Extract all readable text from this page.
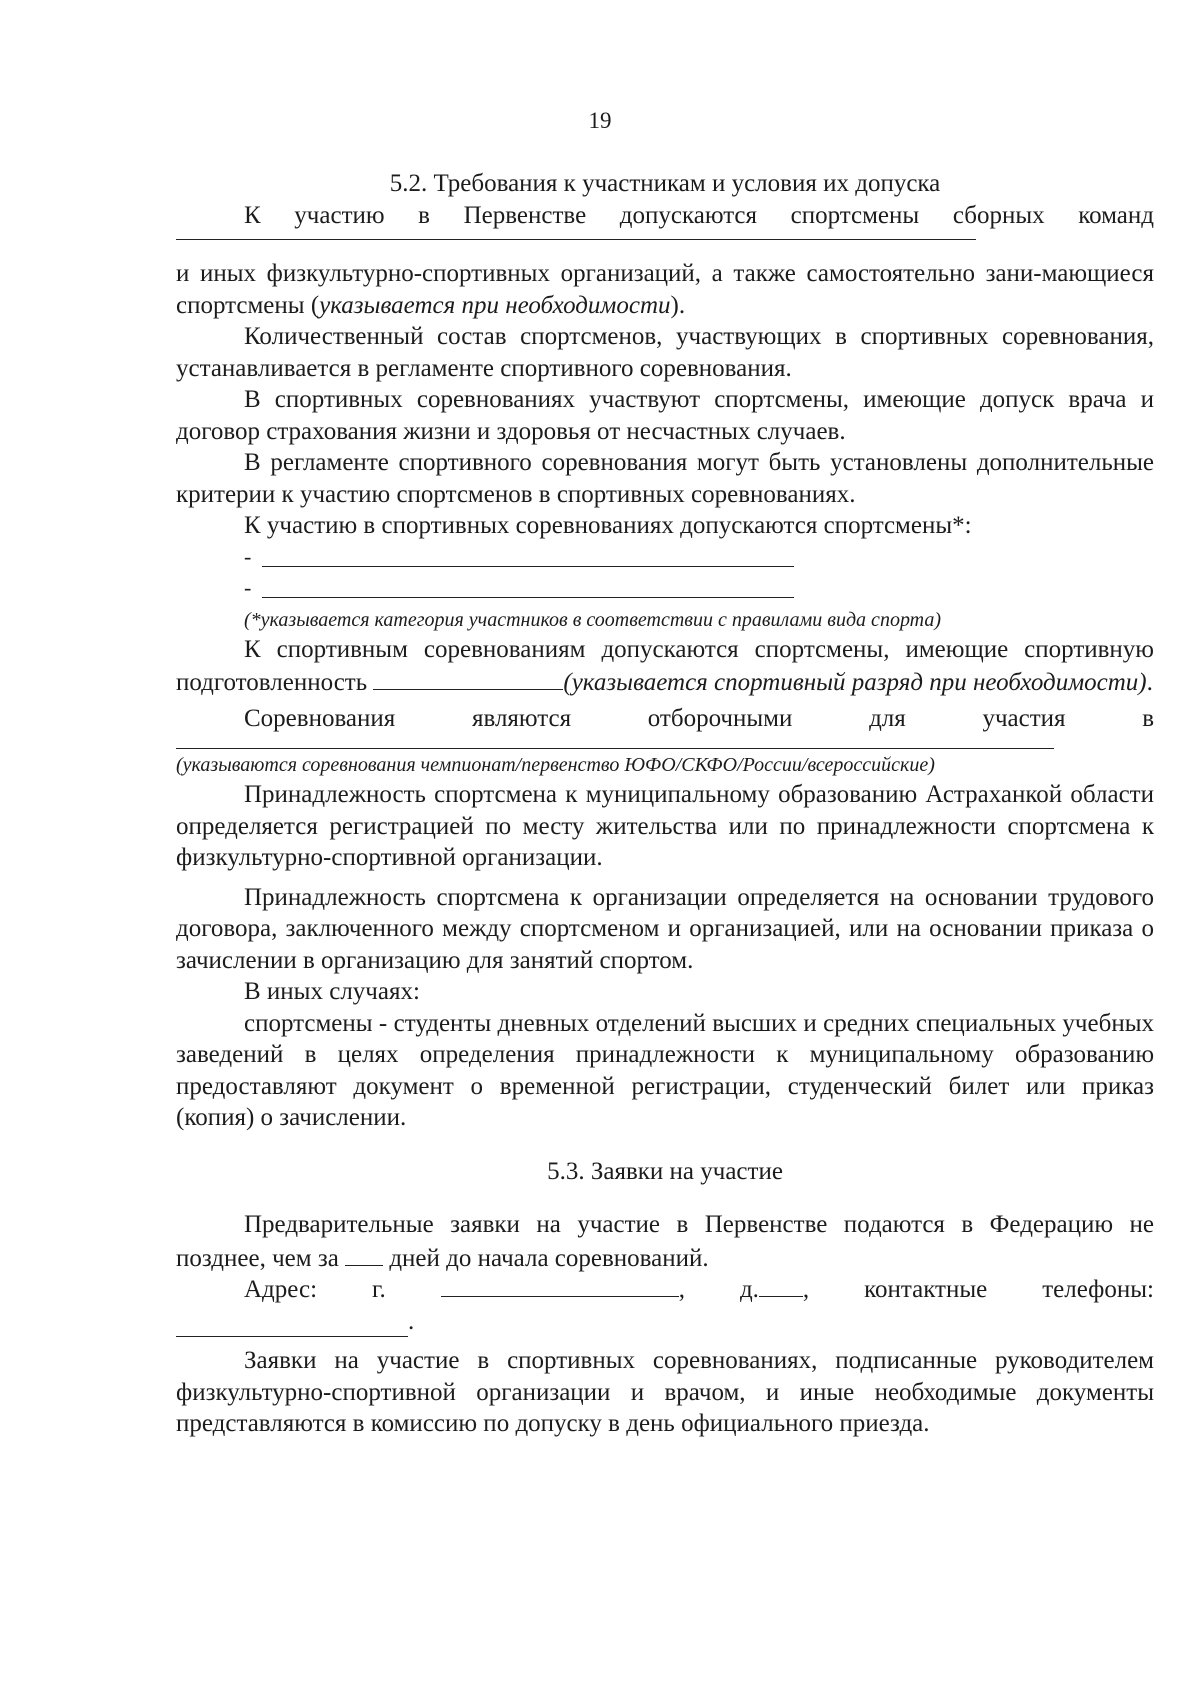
19
5.2. Требования к участникам и условия их допуска

К участию в Первенстве допускаются спортсмены сборных команд

и иных физкультурно-спортивных организаций, а также самостоятельно зани-мающиеся спортсмены (указывается при необходимости).

Количественный состав спортсменов, участвующих в спортивных соревнования, устанавливается в регламенте спортивного соревнования.

В спортивных соревнованиях участвуют спортсмены, имеющие допуск врача и договор страхования жизни и здоровья от несчастных случаев.

В регламенте спортивного соревнования могут быть установлены дополнительные критерии к участию спортсменов в спортивных соревнованиях.

К участию в спортивных соревнованиях допускаются спортсмены*:

-
-

(*указывается категория участников в соответствии с правилами вида спорта)

К спортивным соревнованиям допускаются спортсмены, имеющие спортивную подготовленность	(указывается спортивный разряд при необходимости).

Соревнования	являются	отборочными	для	участия	в

(указываются соревнования чемпионат/первенство ЮФО/СКФО/России/всероссийские)

Принадлежность спортсмена к муниципальному образованию Астраханкой области определяется регистрацией по месту жительства или по принадлежности спортсмена к физкультурно-спортивной организации.

Принадлежность спортсмена к организации определяется на основании трудового договора, заключенного между спортсменом и организацией, или на основании приказа о зачислении в организацию для занятий спортом.

В иных случаях:

спортсмены - студенты дневных отделений высших и средних специальных учебных заведений в целях определения принадлежности к муниципальному образованию предоставляют документ о временной регистрации, студенческий билет или приказ (копия) о зачислении.

5.3. Заявки на участие

Предварительные заявки на участие в Первенстве подаются в Федерацию не позднее, чем за дней до начала соревнований.

Адрес: г.	, д. , контактные телефоны:
.

Заявки на участие в спортивных соревнованиях, подписанные руководителем физкультурно-спортивной организации и врачом, и иные необходимые документы представляются в комиссию по допуску в день официального приезда.
